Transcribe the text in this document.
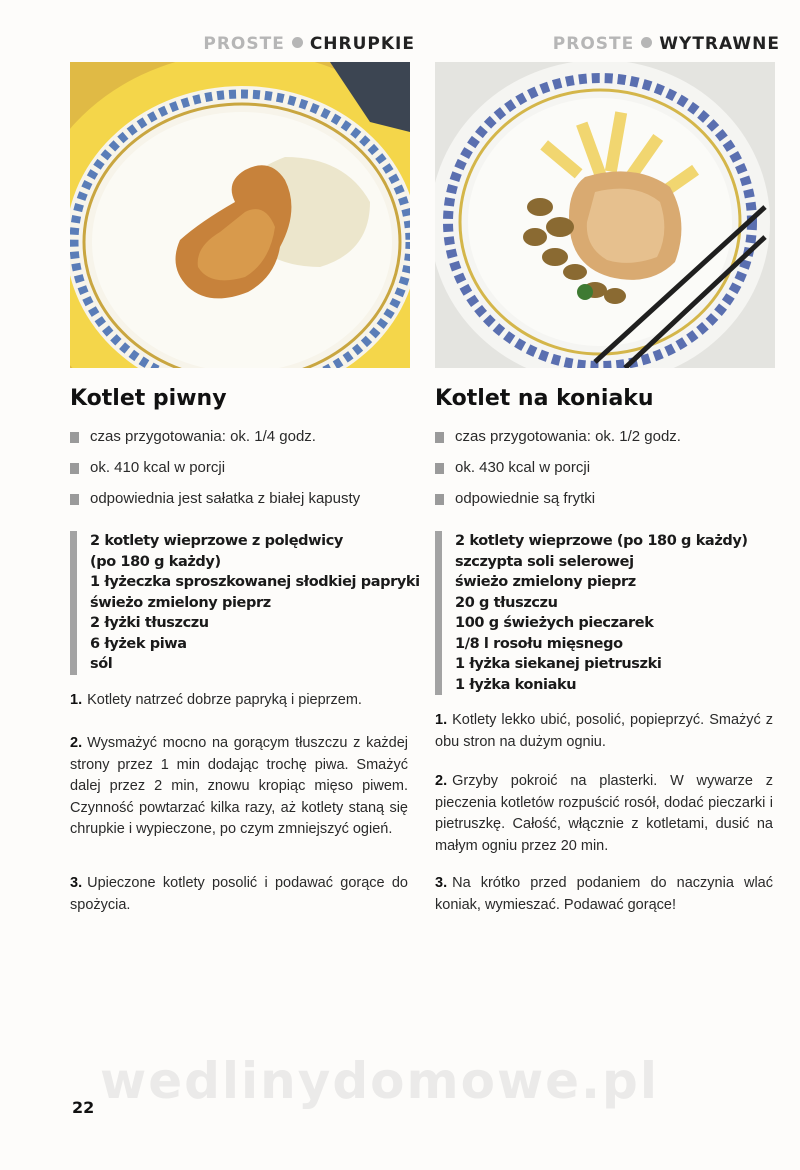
PROSTE CHRUPKIE
Kotlet piwny
czas przygotowania: ok. 1/4 godz.
ok. 410 kcal w porcji
odpowiednia jest sałatka z białej kapusty
2 kotlety wieprzowe z polędwicy
(po 180 g każdy)
1 łyżeczka sproszkowanej słodkiej papryki
świeżo zmielony pieprz
2 łyżki tłuszczu
6 łyżek piwa
sól

1. Kotlety natrzeć dobrze papryką i pieprzem.

2. Wysmażyć mocno na gorącym tłuszczu z każdej strony przez 1 min dodając trochę piwa. Smażyć dalej przez 2 min, znowu kropiąc mięso piwem. Czynność powtarzać kilka razy, aż kotlety staną się chrupkie i wypieczone, po czym zmniejszyć ogień.

3. Upieczone kotlety posolić i podawać gorące do spożycia.

PROSTE WYTRAWNE
Kotlet na koniaku
czas przygotowania: ok. 1/2 godz.
ok. 430 kcal w porcji
odpowiednie są frytki
2 kotlety wieprzowe (po 180 g każdy)
szczypta soli selerowej
świeżo zmielony pieprz
20 g tłuszczu
100 g świeżych pieczarek
1/8 l rosołu mięsnego
1 łyżka siekanej pietruszki
1 łyżka koniaku

1. Kotlety lekko ubić, posolić, popieprzyć. Smażyć z obu stron na dużym ogniu.

2. Grzyby pokroić na plasterki. W wywarze z pieczenia kotletów rozpuścić rosół, dodać pieczarki i pietruszkę. Całość, włącznie z kotletami, dusić na małym ogniu przez 20 min.

3. Na krótko przed podaniem do naczynia wlać koniak, wymieszać. Podawać gorące!

wedlinydomowe.pl
22
